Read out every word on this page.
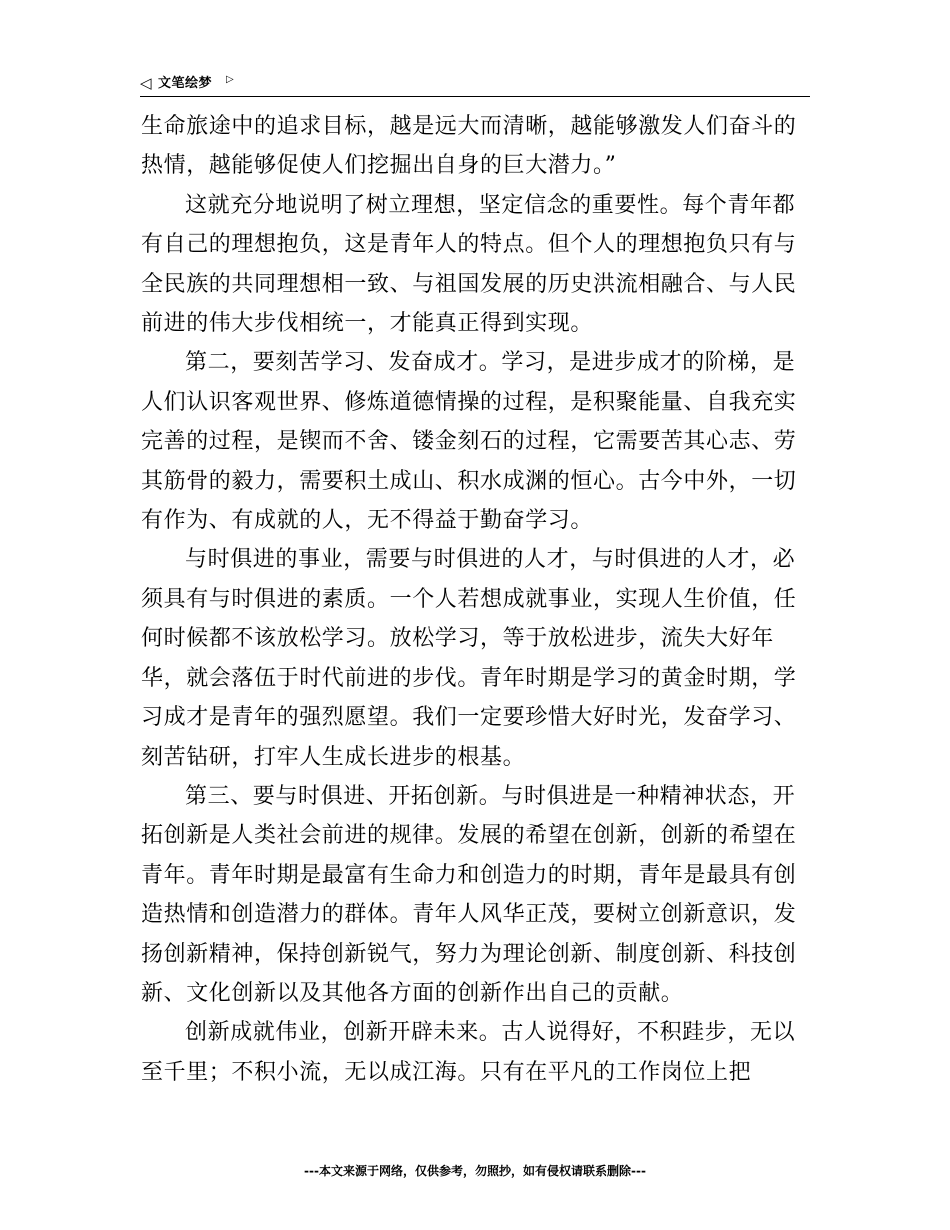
◁ 文笔绘梦 ▷

生命旅途中的追求目标，越是远大而清晰，越能够激发人们奋斗的热情，越能够促使人们挖掘出自身的巨大潜力。”

这就充分地说明了树立理想，坚定信念的重要性。每个青年都有自己的理想抱负，这是青年人的特点。但个人的理想抱负只有与全民族的共同理想相一致、与祖国发展的历史洪流相融合、与人民前进的伟大步伐相统一，才能真正得到实现。

第二，要刻苦学习、发奋成才。学习，是进步成才的阶梯，是人们认识客观世界、修炼道德情操的过程，是积聚能量、自我充实完善的过程，是锲而不舍、镂金刻石的过程，它需要苦其心志、劳其筋骨的毅力，需要积土成山、积水成渊的恒心。古今中外，一切有作为、有成就的人，无不得益于勤奋学习。

与时俱进的事业，需要与时俱进的人才，与时俱进的人才，必须具有与时俱进的素质。一个人若想成就事业，实现人生价值，任何时候都不该放松学习。放松学习，等于放松进步，流失大好年华，就会落伍于时代前进的步伐。青年时期是学习的黄金时期，学习成才是青年的强烈愿望。我们一定要珍惜大好时光，发奋学习、刻苦钻研，打牢人生成长进步的根基。

第三、要与时俱进、开拓创新。与时俱进是一种精神状态，开拓创新是人类社会前进的规律。发展的希望在创新，创新的希望在青年。青年时期是最富有生命力和创造力的时期，青年是最具有创造热情和创造潜力的群体。青年人风华正茂，要树立创新意识，发扬创新精神，保持创新锐气，努力为理论创新、制度创新、科技创新、文化创新以及其他各方面的创新作出自己的贡献。

创新成就伟业，创新开辟未来。古人说得好，不积跬步，无以至千里；不积小流，无以成江海。只有在平凡的工作岗位上把

---本文来源于网络，仅供参考，勿照抄，如有侵权请联系删除---
